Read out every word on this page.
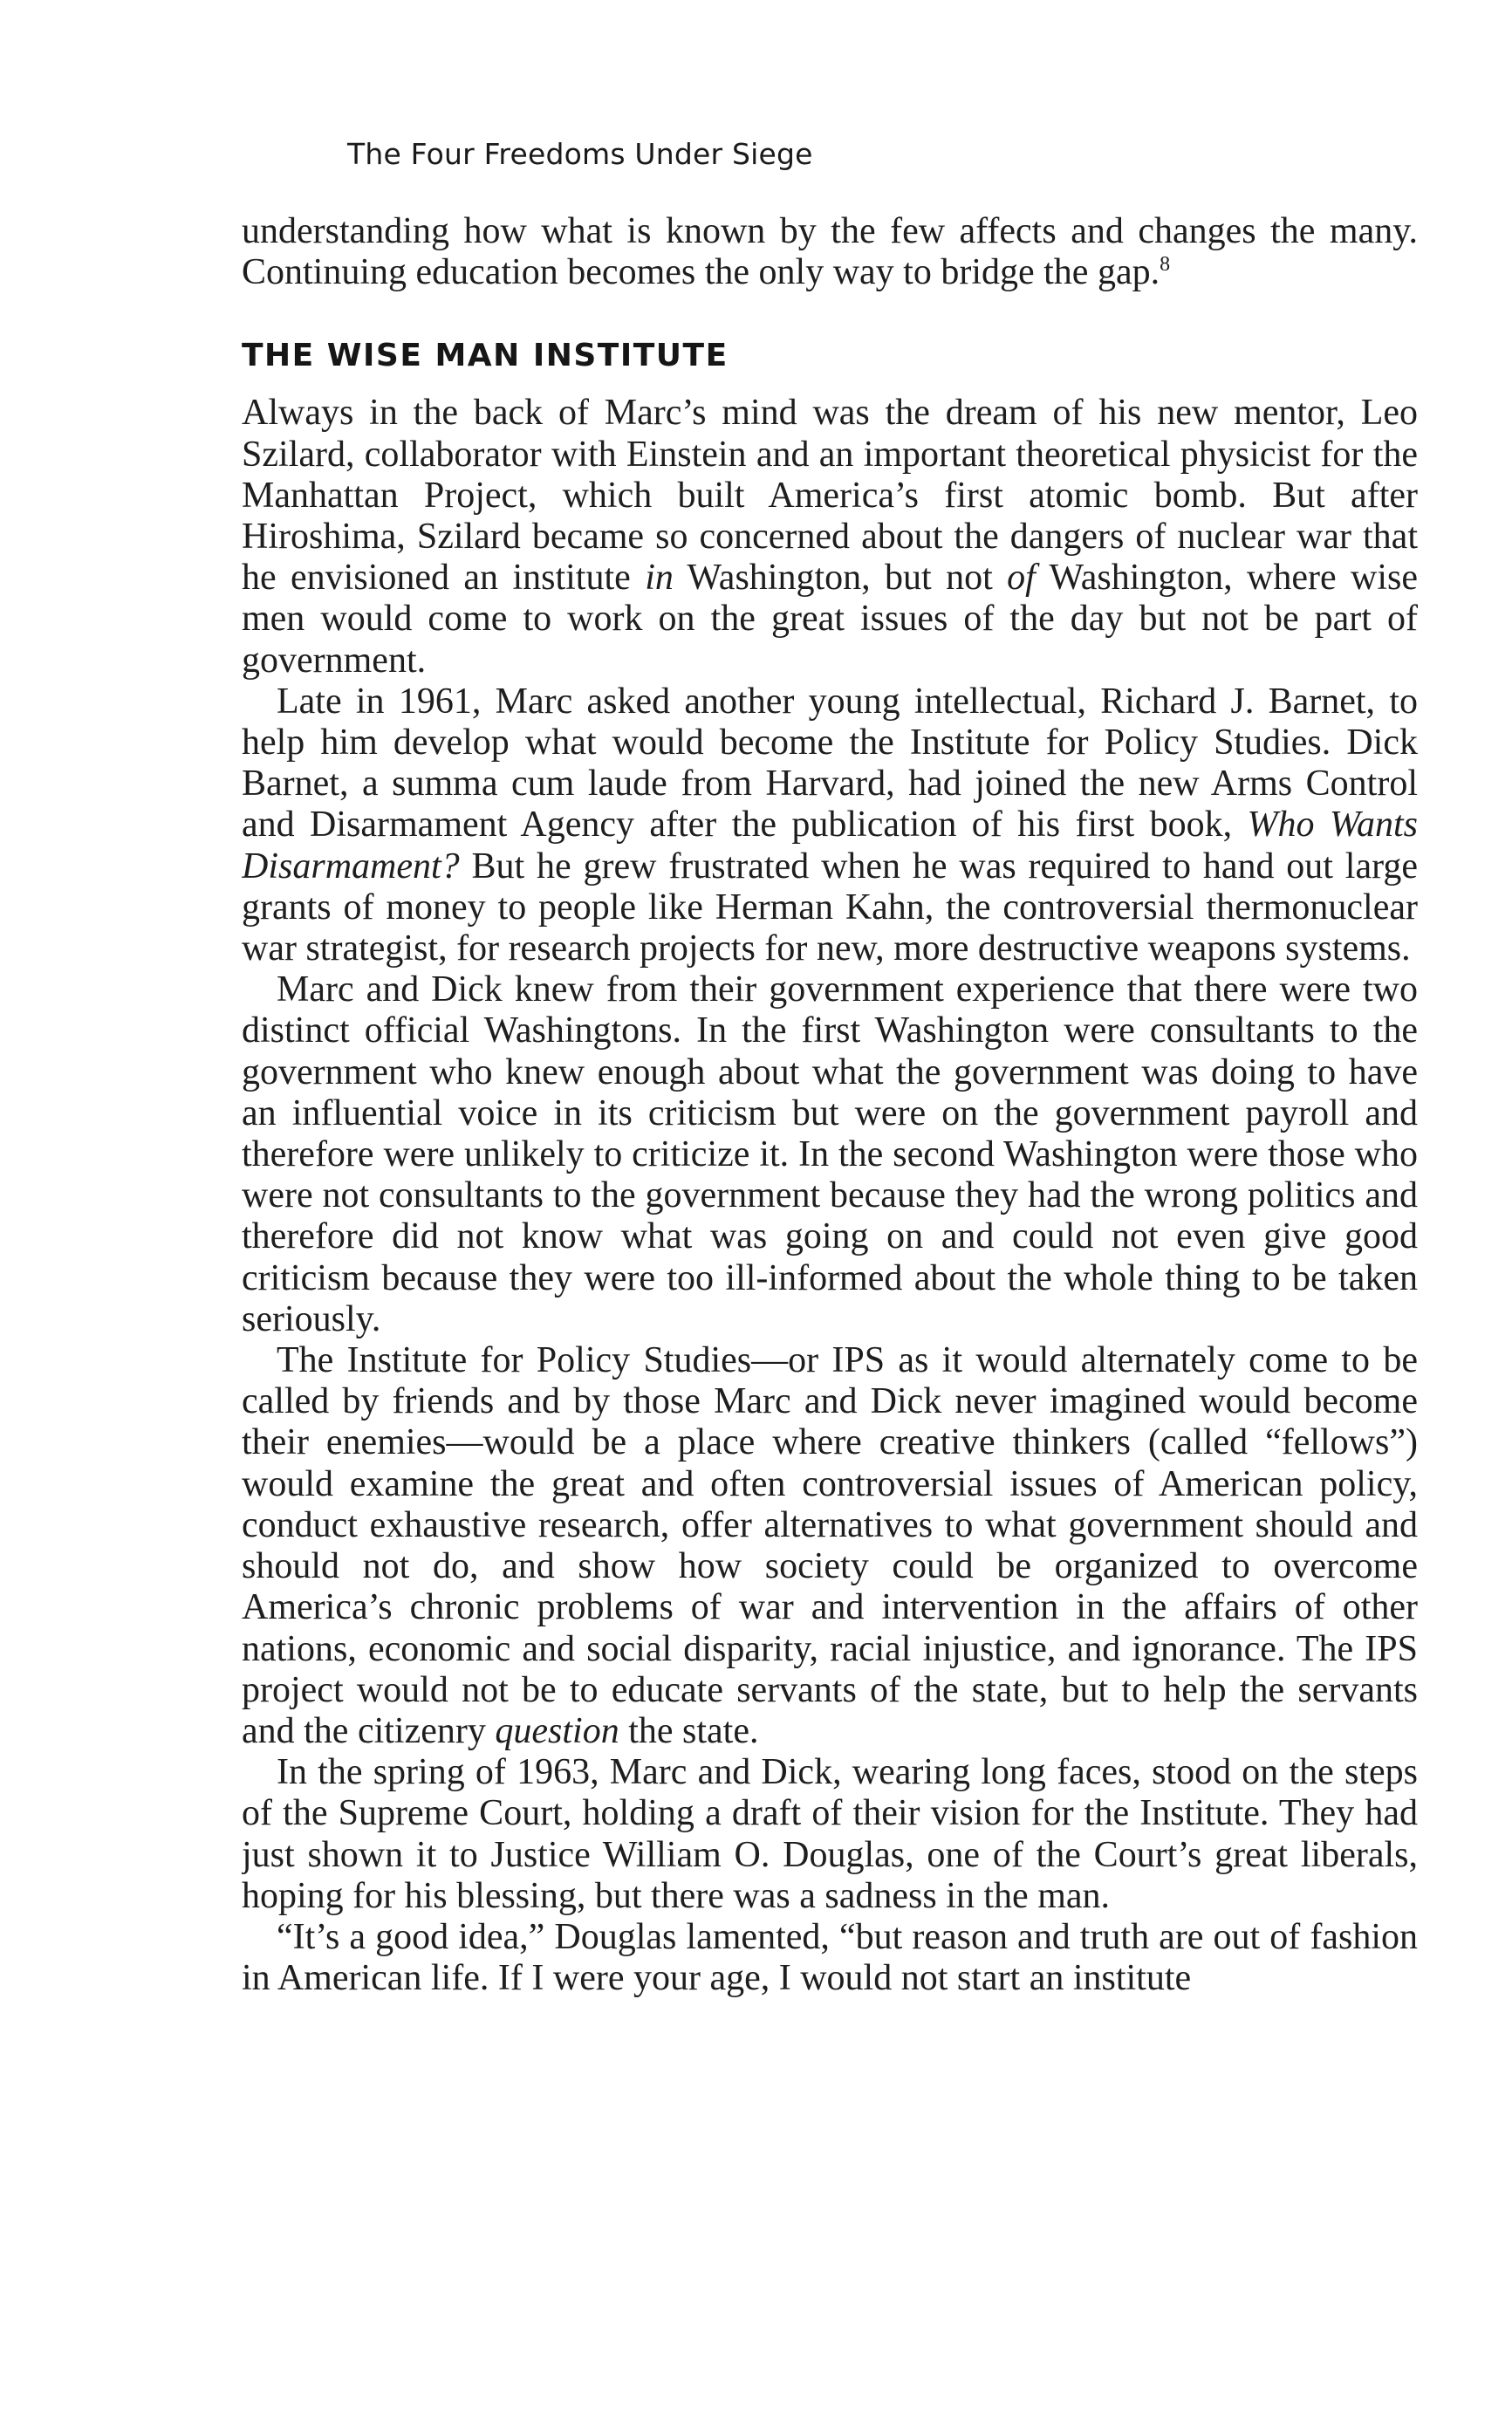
The Four Freedoms Under Siege

understanding how what is known by the few affects and changes the many. Continuing education becomes the only way to bridge the gap.$^8$

THE WISE MAN INSTITUTE

Always in the back of Marc’s mind was the dream of his new mentor, Leo Szilard, collaborator with Einstein and an important theoretical physicist for the Manhattan Project, which built America’s first atomic bomb. But after Hiroshima, Szilard became so concerned about the dangers of nuclear war that he envisioned an institute in Washington, but not of Washington, where wise men would come to work on the great issues of the day but not be part of government.

Late in 1961, Marc asked another young intellectual, Richard J. Barnet, to help him develop what would become the Institute for Policy Studies. Dick Barnet, a summa cum laude from Harvard, had joined the new Arms Control and Disarmament Agency after the publication of his first book, Who Wants Disarmament? But he grew frustrated when he was required to hand out large grants of money to people like Herman Kahn, the controversial thermonuclear war strategist, for research projects for new, more destructive weapons systems.

Marc and Dick knew from their government experience that there were two distinct official Washingtons. In the first Washington were consultants to the government who knew enough about what the government was doing to have an influential voice in its criticism but were on the government payroll and therefore were unlikely to criticize it. In the second Washington were those who were not consultants to the government because they had the wrong politics and therefore did not know what was going on and could not even give good criticism because they were too ill-informed about the whole thing to be taken seriously.

The Institute for Policy Studies—or IPS as it would alternately come to be called by friends and by those Marc and Dick never imagined would become their enemies—would be a place where creative thinkers (called “fellows”) would examine the great and often controversial issues of American policy, conduct exhaustive research, offer alternatives to what government should and should not do, and show how society could be organized to overcome America’s chronic problems of war and intervention in the affairs of other nations, economic and social disparity, racial injustice, and ignorance. The IPS project would not be to educate servants of the state, but to help the servants and the citizenry question the state.

In the spring of 1963, Marc and Dick, wearing long faces, stood on the steps of the Supreme Court, holding a draft of their vision for the Institute. They had just shown it to Justice William O. Douglas, one of the Court’s great liberals, hoping for his blessing, but there was a sadness in the man.

“It’s a good idea,” Douglas lamented, “but reason and truth are out of fashion in American life. If I were your age, I would not start an institute
